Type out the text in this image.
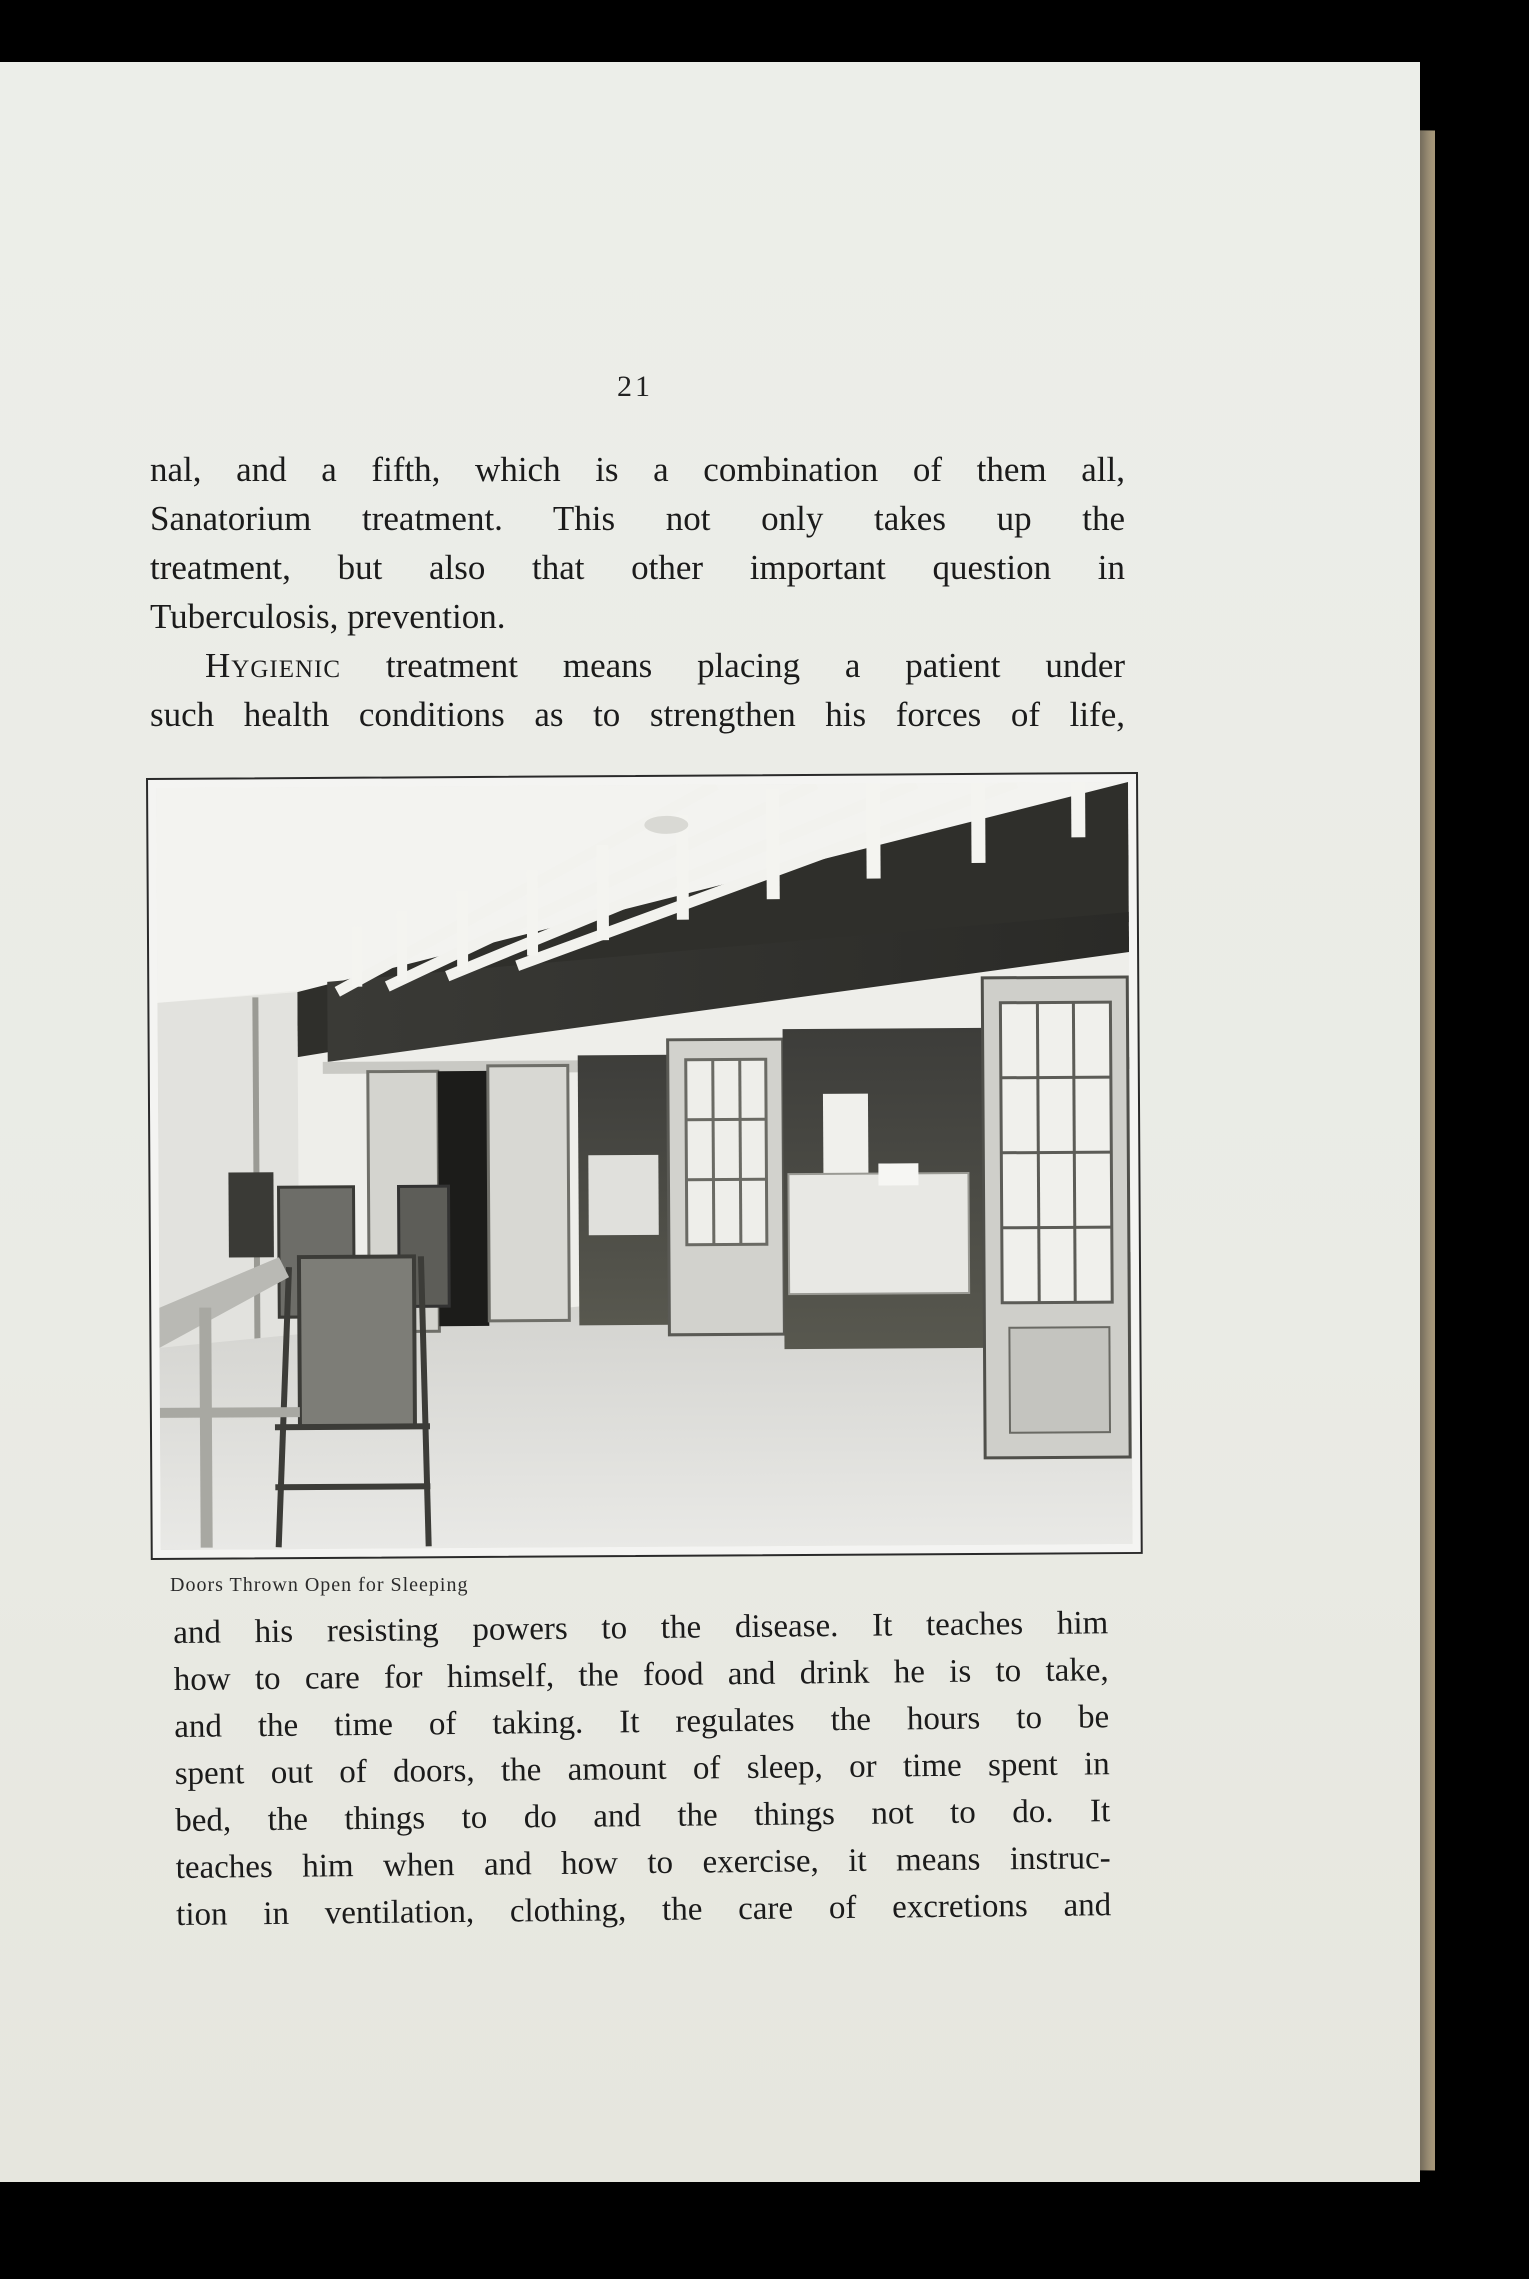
21
nal, and a fifth, which is a combination of them all,
Sanatorium treatment. This not only takes up the
treatment, but also that other important question in
Tuberculosis, prevention.
Hygienic treatment means placing a patient under
such health conditions as to strengthen his forces of life,
Doors Thrown Open for Sleeping
and his resisting powers to the disease. It teaches him
how to care for himself, the food and drink he is to take,
and the time of taking. It regulates the hours to be
spent out of doors, the amount of sleep, or time spent in
bed, the things to do and the things not to do. It
teaches him when and how to exercise, it means instruc-
tion in ventilation, clothing, the care of excretions and
